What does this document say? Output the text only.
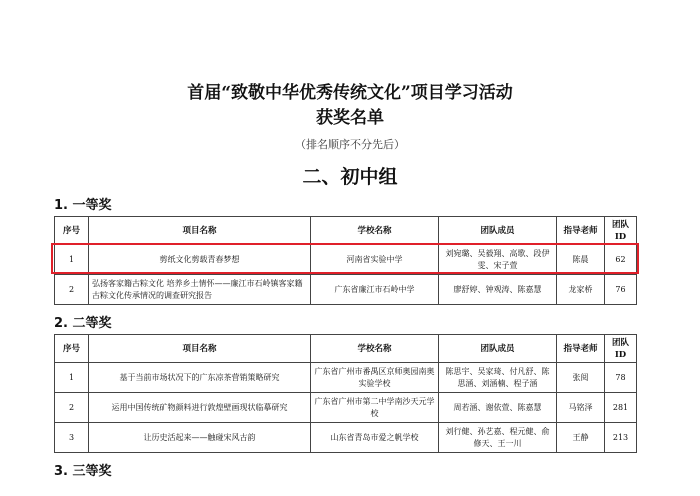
首届“致敬中华优秀传统文化”项目学习活动
获奖名单
（排名顺序不分先后）
二、初中组
1. 一等奖
序号	项目名称	学校名称	团队成员	指导老师	团队
ID
1	剪纸文化剪载青春梦想	河南省实验中学	刘宛璐、吴毅翔、高歌、段伊雯、宋子萱	陈晨	62
2	弘扬客家籍古粽文化 培养乡土情怀——廉江市石岭镇客家籍古粽文化传承情况的调查研究报告	广东省廉江市石岭中学	廖舒婷、钟观涛、陈嘉慧	龙家桥	76
2. 二等奖
序号	项目名称	学校名称	团队成员	指导老师	团队
ID
1	基于当前市场状况下的广东凉茶营销策略研究	广东省广州市番禺区京师奥园南奥实验学校	陈思宇、吴家琦、付凡舒、陈思涵、刘涵楠、程子涵	张阅	78
2	运用中国传统矿物颜料进行敦煌壁画现状临摹研究	广东省广州市第二中学南沙天元学校	周若涵、谢依萱、陈嘉慧	马铭泽	281
3	让历史活起来——触碰宋风古韵	山东省青岛市爱之帆学校	刘行健、孙艺嘉、程元健、俞修天、王一川	王静	213
3. 三等奖
